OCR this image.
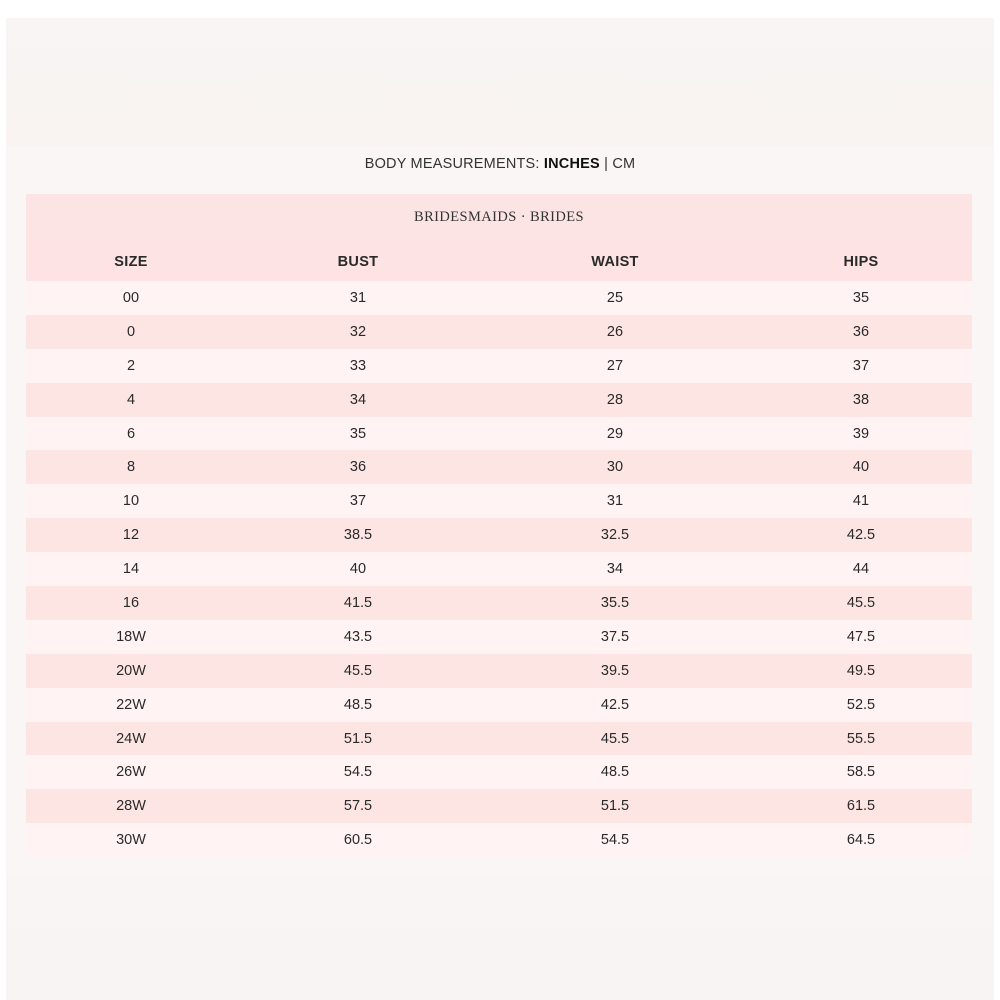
BODY MEASUREMENTS: INCHES | CM
BRIDESMAIDS · BRIDES
SIZE	BUST	WAIST	HIPS
00	31	25	35
0	32	26	36
2	33	27	37
4	34	28	38
6	35	29	39
8	36	30	40
10	37	31	41
12	38.5	32.5	42.5
14	40	34	44
16	41.5	35.5	45.5
18W	43.5	37.5	47.5
20W	45.5	39.5	49.5
22W	48.5	42.5	52.5
24W	51.5	45.5	55.5
26W	54.5	48.5	58.5
28W	57.5	51.5	61.5
30W	60.5	54.5	64.5
